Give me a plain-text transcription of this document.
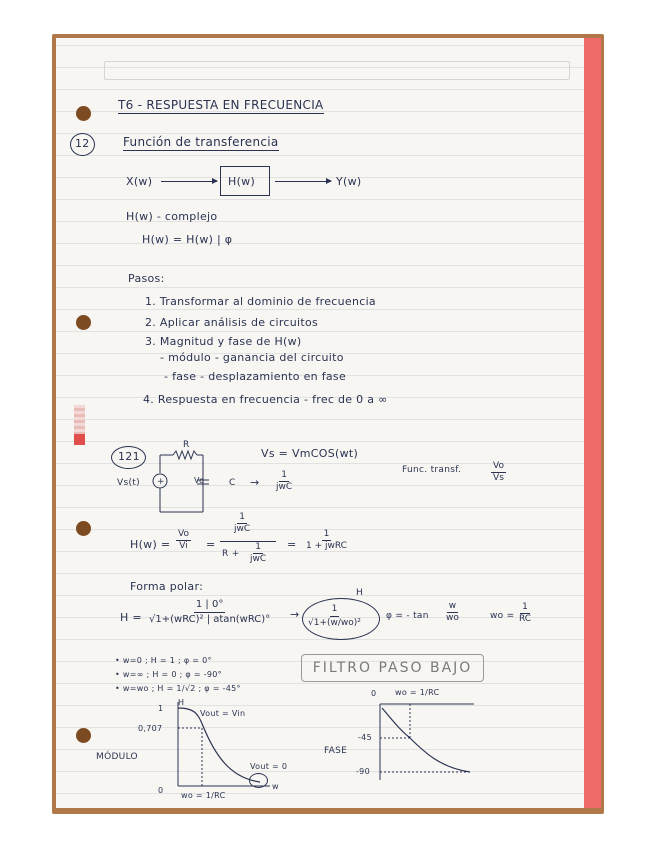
T6 - RESPUESTA EN FRECUENCIA
12	Función de transferencia
X(w)	H(w)	Y(w)
H(w) - complejo
H(w) = H(w) | φ
Pasos:
1. Transformar al dominio de frecuencia
2. Aplicar análisis de circuitos
3. Magnitud y fase de H(w)
- módulo - ganancia del circuito
- fase - desplazamiento en fase
4. Respuesta en frecuencia - frec de 0 a ∞
121
+
R
Vs(t)	Vo	C →
1
jwC
Vs = VmCOS(wt)
Func. transf.	$\frac{Vo}{Vs}$
$H(w) = \frac{Vo}{Vi}$ =
1
jwC
R +
1
jwC
=
1
1 + jwRC
Forma polar:
H =
1 | 0°
√1+(wRC)² | atan(wRC)° →
H
$\frac{1}{\text{√1+(w/wo)²}}$	φ = - $\tan \frac{w}{wo}$	wo = $\frac{1}{RC}$
• w=0 ; H = 1 ; φ = 0°
• w=∞ ; H = 0 ; φ = -90°
• w=wo ; H = 1/√2 ; φ = -45°
FILTRO PASO BAJO
MÓDULO
H
1
0,707
0
Vout = Vin
Vout = 0
w
wo = 1/RC
0 wo = 1/RC
FASE
-45
-90
